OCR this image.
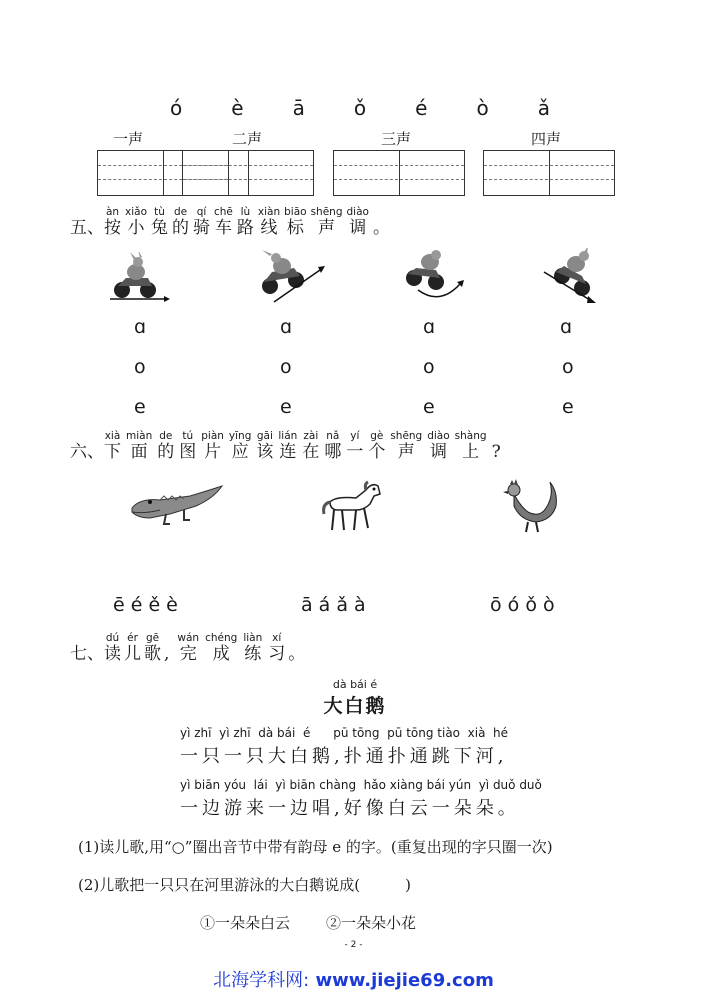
ó è ā ǒ é ò ǎ
一声	二声	三声	四声
五、
àn
按
xiǎo
小
tù
兔
de
的
qí
骑
chē
车
lù
路
xiàn
线
biāo
标
shēng
声
diào
调 。
ɑ
o
e
ɑ
o
e
ɑ
o
e
ɑ
o
e
六、
xià
下
miàn
面
de
的
tú
图
piàn
片
yīng
应
gāi
该
lián
连
zài
在
nǎ
哪
yí
一
gè
个
shēng
声
diào
调
shàng
上 ?
ē é ě è	ā á ǎ à	ō ó ǒ ò
七、
dú
读
ér
儿
gē
歌 ,
wán
完
chéng
成
liàn
练
xí
习 。
dà bái é
大白鹅
yì zhī  yì zhī  dà bái  é      pū tōng  pū tōng tiào  xià  hé
一只一只大白鹅,扑通扑通跳下河,
yì biān yóu  lái  yì biān chàng  hǎo xiàng bái yún  yì duǒ duǒ
一边游来一边唱,好像白云一朵朵。
(1)读儿歌,用“○”圈出音节中带有韵母 e 的字。(重复出现的字只圈一次)
(2)儿歌把一只只在河里游泳的大白鹅说成(　　　)
①一朵朵白云 ②一朵朵小花
- 2 -
北海学科网: www.jiejie69.com
